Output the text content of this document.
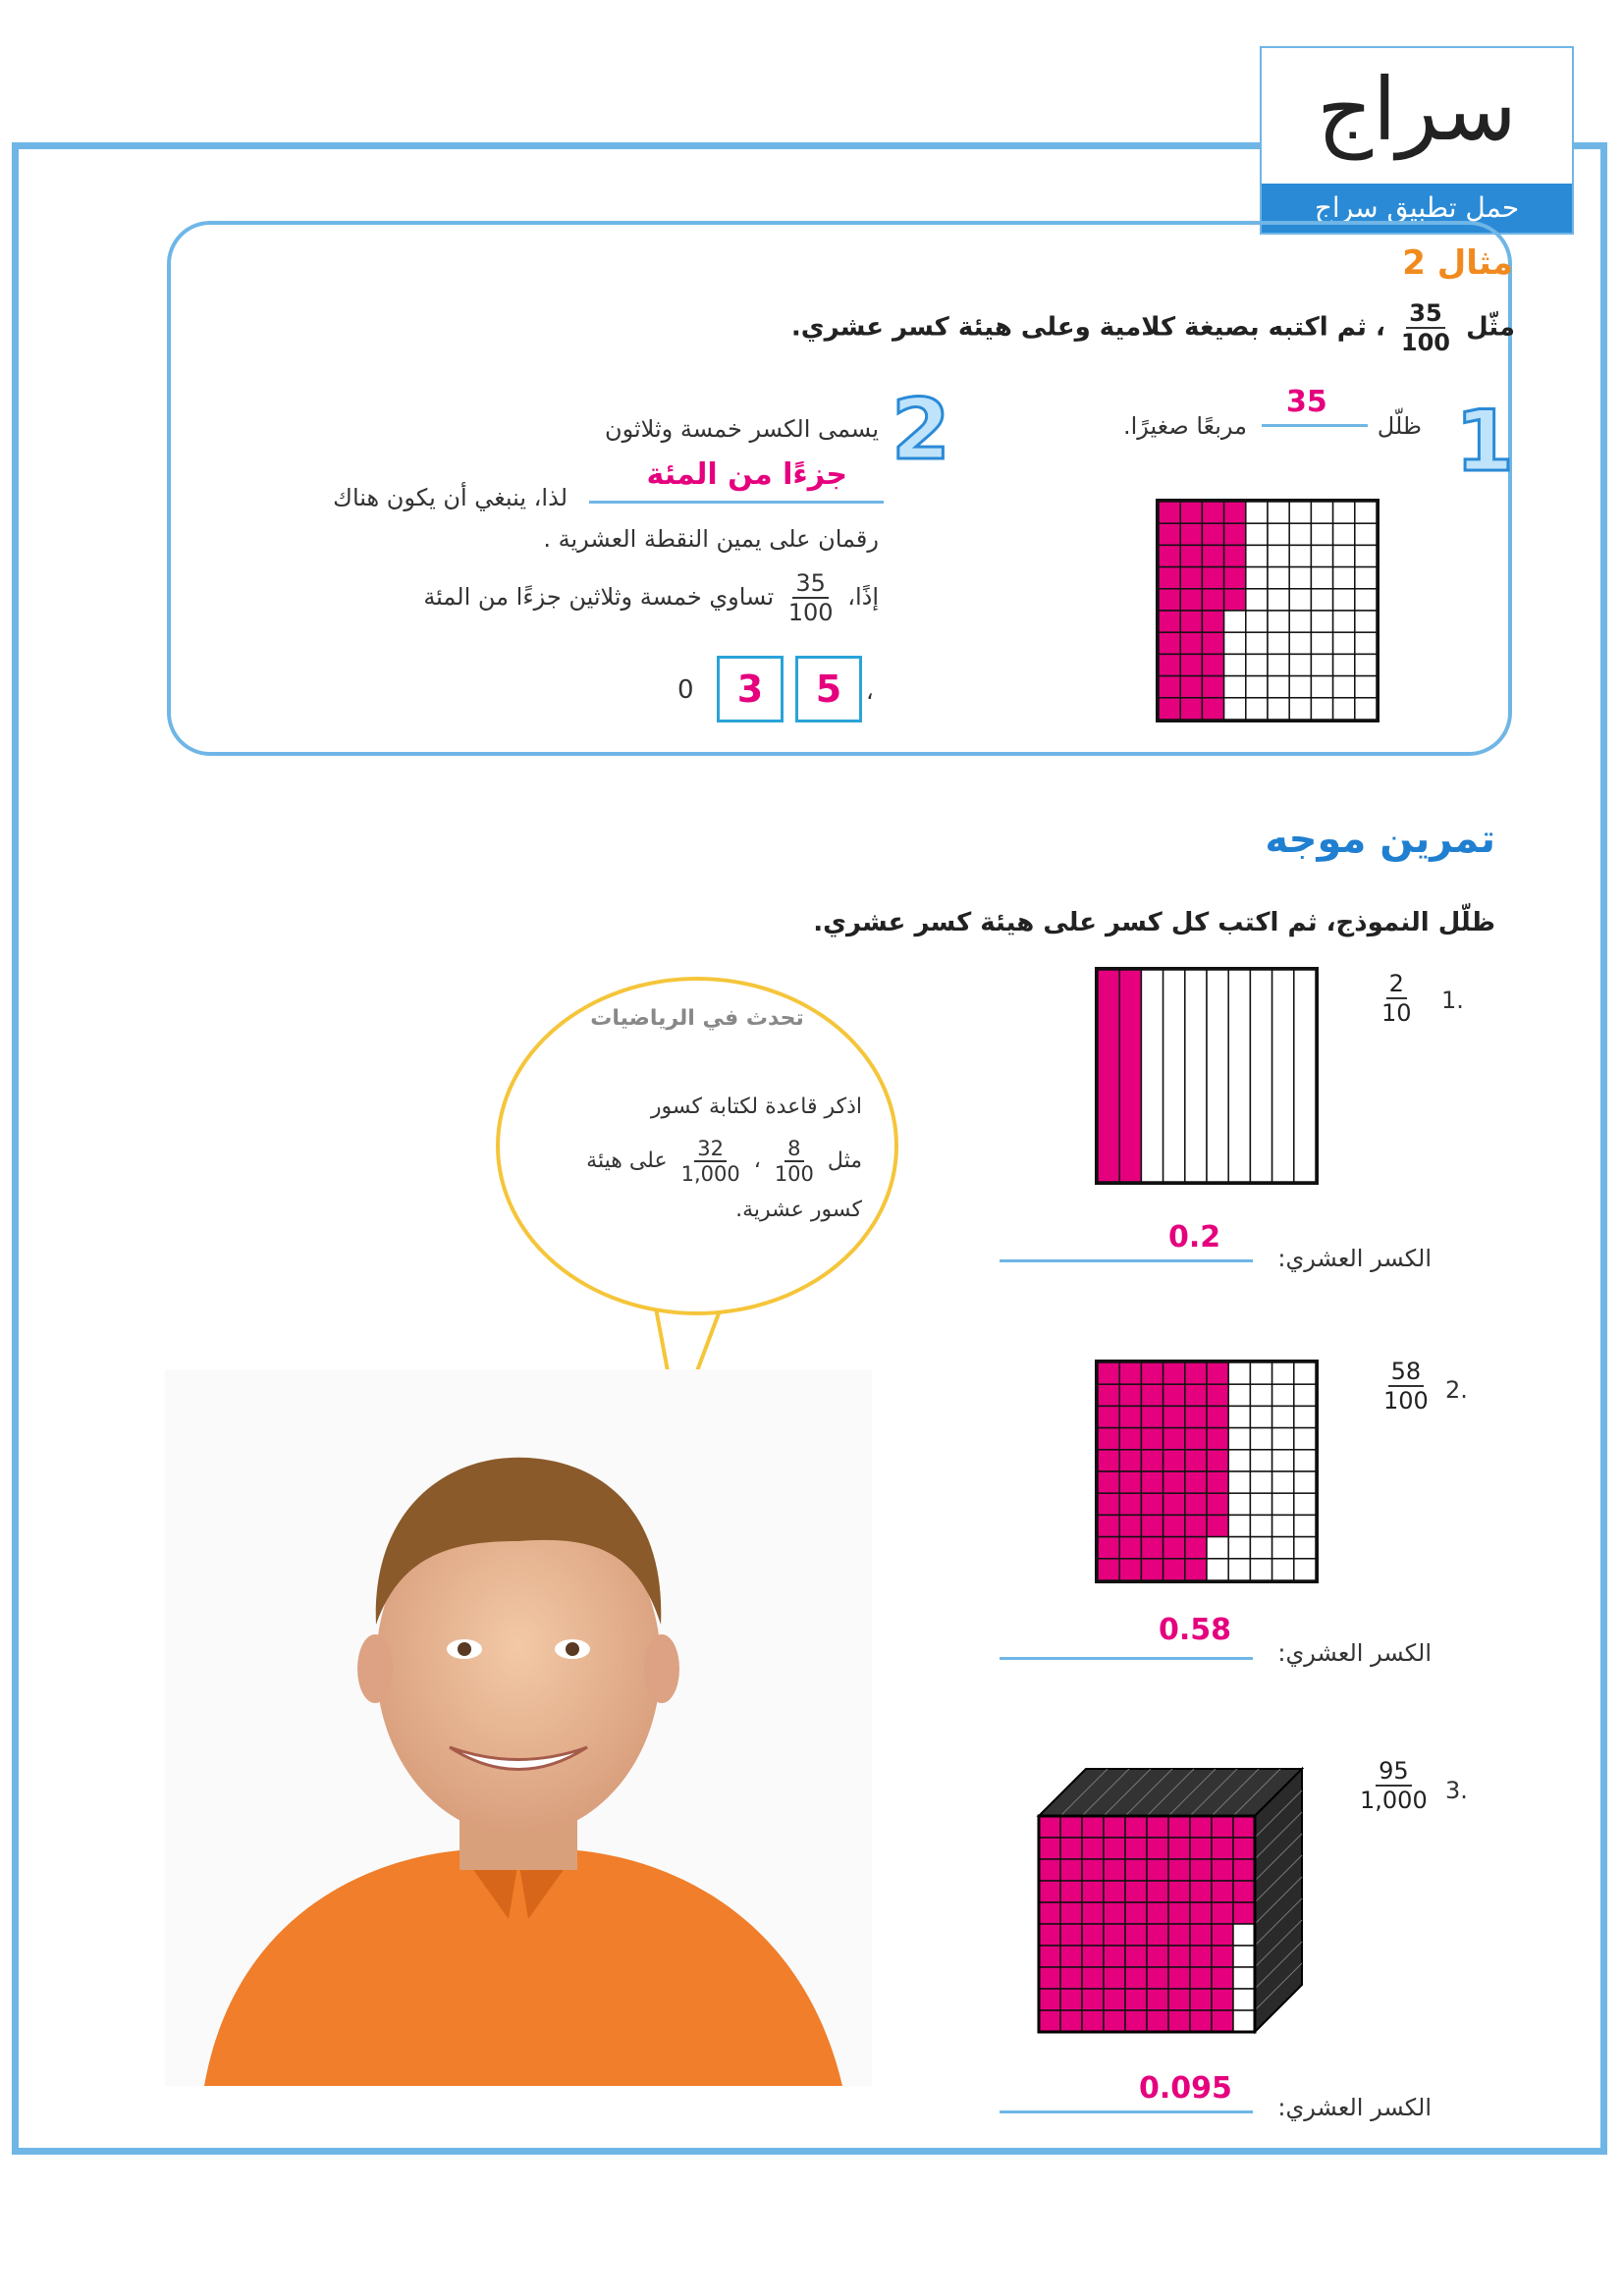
سراج
حمل تطبيق سراج
مثال 2
مثّل
$\frac{35}{100}$
، ثم اكتبه بصيغة كلامية وعلى هيئة كسر عشري.
1
ظلّل
35
مربعًا صغيرًا.
2
يسمى الكسر خمسة وثلاثون
جزءًا من المئة
لذا، ينبغي أن يكون هناك
رقمان على يمين النقطة العشرية .
إذًا،
$\frac{35}{100}$
تساوي خمسة وثلاثين جزءًا من المئة
0	3	5	،
تمرين موجه
ظلّل النموذج، ثم اكتب كل كسر على هيئة كسر عشري.
1.
$\frac{2}{10}$
الكسر العشري:
0.2
2.
$\frac{58}{100}$
الكسر العشري:
0.58
3.
$\frac{95}{1,000}$
الكسر العشري:
0.095
تحدث في الرياضيات
اذكر قاعدة لكتابة كسور
مثل
$\frac{8}{100}$
،
$\frac{32}{1,000}$
على هيئة
كسور عشرية.
